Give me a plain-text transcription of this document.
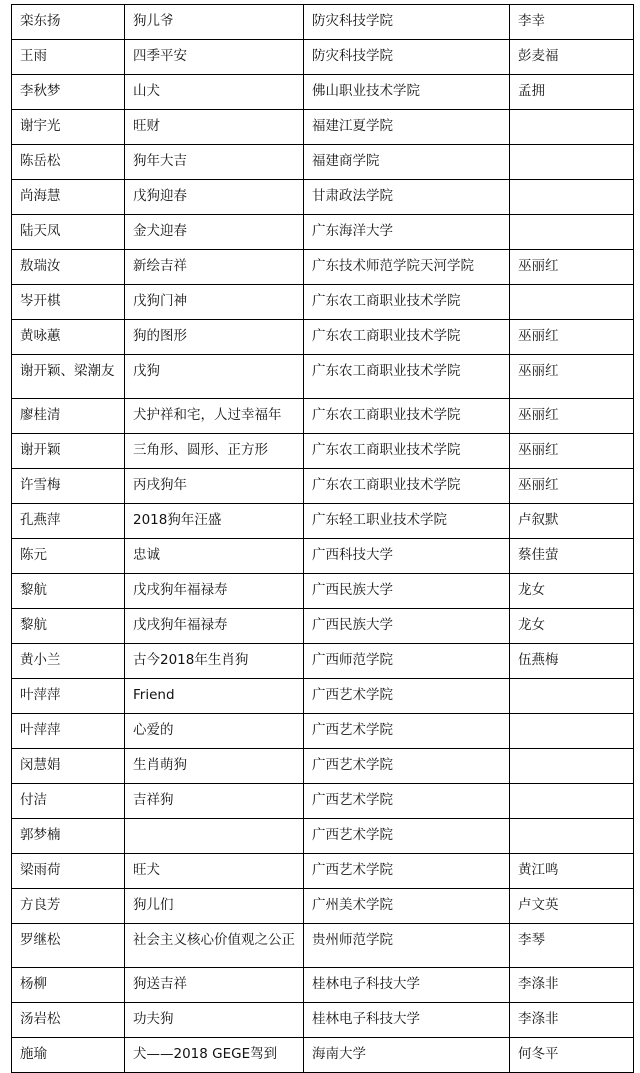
栾东扬	狗儿爷	防灾科技学院	李幸
王雨	四季平安	防灾科技学院	彭麦福
李秋梦	山犬	佛山职业技术学院	孟拥
谢宇光	旺财	福建江夏学院	
陈岳松	狗年大吉	福建商学院	
尚海慧	戊狗迎春	甘肃政法学院	
陆天凤	金犬迎春	广东海洋大学	
敖瑞汝	新绘吉祥	广东技术师范学院天河学院	巫丽红
岑开棋	戊狗门神	广东农工商职业技术学院	
黄咏蕙	狗的图形	广东农工商职业技术学院	巫丽红
谢开颖、梁潮友	戊狗	广东农工商职业技术学院	巫丽红
廖桂清	犬护祥和宅，人过幸福年	广东农工商职业技术学院	巫丽红
谢开颖	三角形、圆形、正方形	广东农工商职业技术学院	巫丽红
许雪梅	丙戌狗年	广东农工商职业技术学院	巫丽红
孔燕萍	2018狗年汪盛	广东轻工职业技术学院	卢叙默
陈元	忠诚	广西科技大学	蔡佳萤
黎航	戊戌狗年福禄寿	广西民族大学	龙女
黎航	戊戌狗年福禄寿	广西民族大学	龙女
黄小兰	古今2018年生肖狗	广西师范学院	伍燕梅
叶萍萍	Friend	广西艺术学院	
叶萍萍	心爱的	广西艺术学院	
闵慧娟	生肖萌狗	广西艺术学院	
付洁	吉祥狗	广西艺术学院	
郭梦楠		广西艺术学院	
梁雨荷	旺犬	广西艺术学院	黄江鸣
方良芳	狗儿们	广州美术学院	卢文英
罗继松	社会主义核心价值观之公正	贵州师范学院	李琴
杨柳	狗送吉祥	桂林电子科技大学	李涤非
汤岩松	功夫狗	桂林电子科技大学	李涤非
施瑜	犬——2018 GEGE驾到	海南大学	何冬平
